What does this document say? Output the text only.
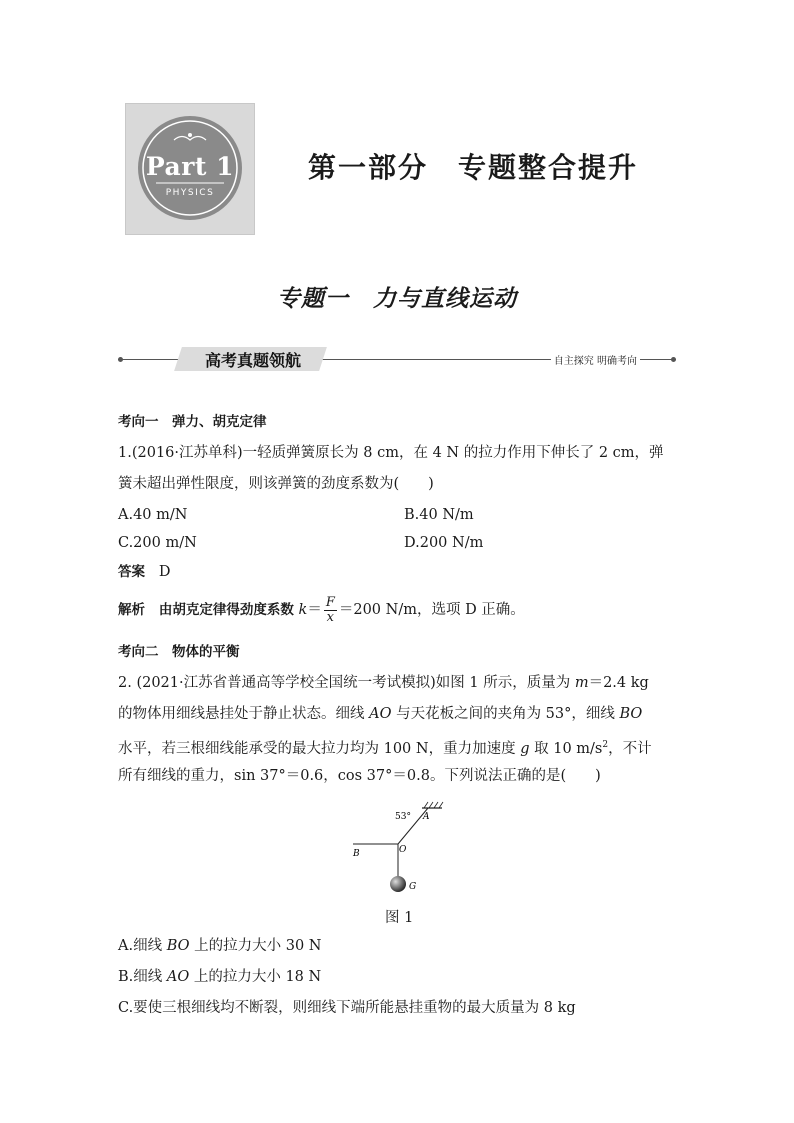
Part 1
PHYSICS
第一部分　专题整合提升
专题一　力与直线运动
高考真题领航	自主探究 明确考向
考向一　弹力、胡克定律
1.(2016·江苏单科)一轻质弹簧原长为 8 cm，在 4 N 的拉力作用下伸长了 2 cm，弹
簧未超出弹性限度，则该弹簧的劲度系数为(　　)
A.40 m/N	B.40 N/m
C.200 m/N	D.200 N/m
答案 D
解析 由胡克定律得劲度系数 $k= \frac{F}{x} =200$ N/m，选项 D 正确。
考向二　物体的平衡
2. (2021·江苏省普通高等学校全国统一考试模拟)如图 1 所示，质量为 m＝2.4 kg
的物体用细线悬挂处于静止状态。细线 AO 与天花板之间的夹角为 53°，细线 BO
水平，若三根细线能承受的最大拉力均为 100 N，重力加速度 g 取 10 $m/s^2$，不计
所有细线的重力，sin 37°＝0.6，cos 37°＝0.8。下列说法正确的是(　　)
53° A
B	O
G
图 1
A.细线 BO 上的拉力大小 30 N
B.细线 AO 上的拉力大小 18 N
C.要使三根细线均不断裂，则细线下端所能悬挂重物的最大质量为 8 kg
